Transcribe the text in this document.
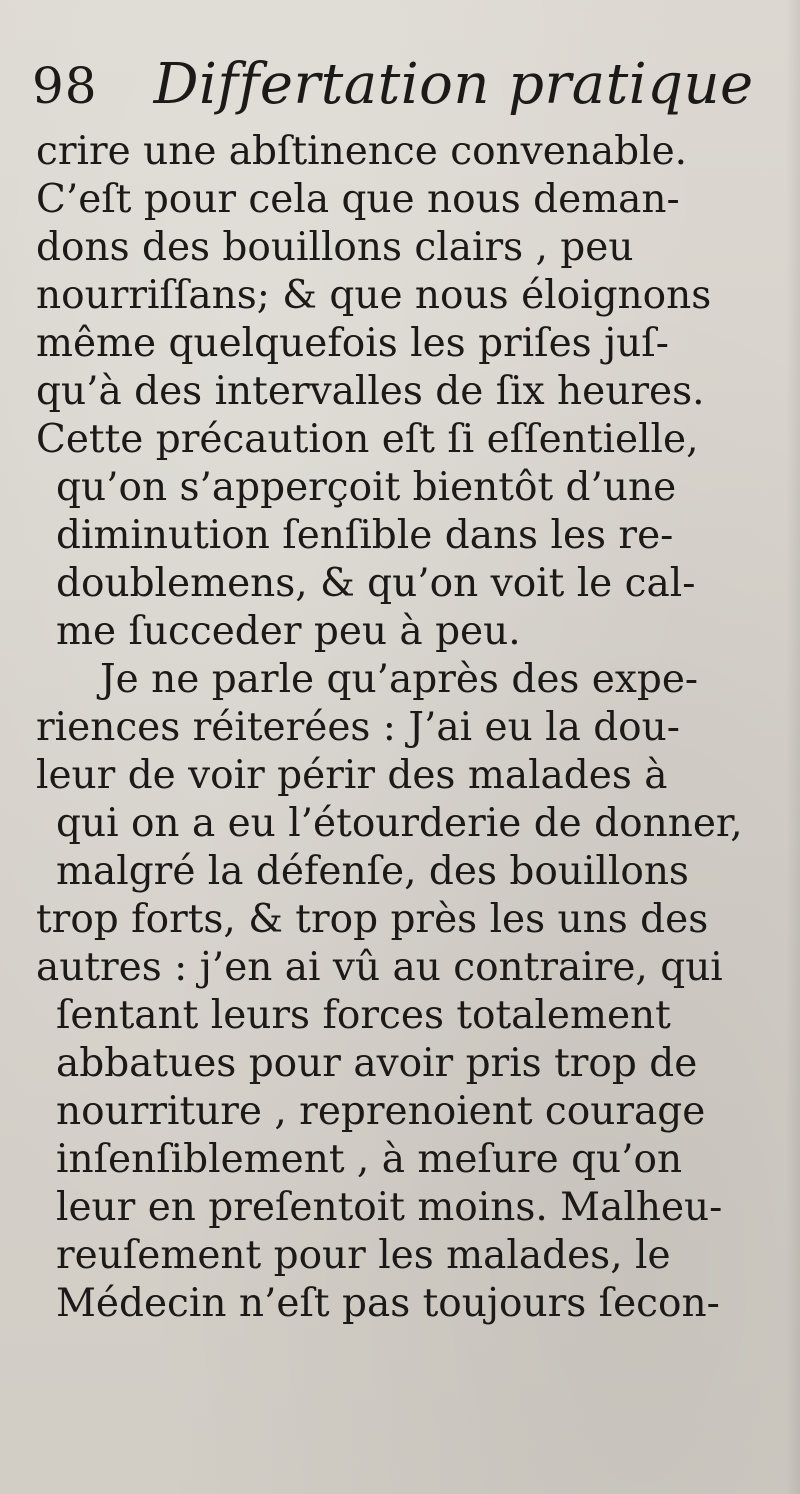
98 Differtation pratique
crire une abſtinence convenable.
C’eſt pour cela que nous deman-
dons des bouillons clairs , peu
nourriſſans; & que nous éloignons
même quelquefois les priſes juſ-
qu’à des intervalles de ſix heures.
Cette précaution eſt ſi eſſentielle,
qu’on s’apperçoit bientôt d’une
diminution ſenſible dans les re-
doublemens, & qu’on voit le cal-
me ſucceder peu à peu.
Je ne parle qu’après des expe-
riences réiterées : J’ai eu la dou-
leur de voir périr des malades à
qui on a eu l’étourderie de donner,
malgré la défenſe, des bouillons
trop forts, & trop près les uns des
autres : j’en ai vû au contraire, qui
ſentant leurs forces totalement
abbatues pour avoir pris trop de
nourriture , reprenoient courage
inſenſiblement , à meſure qu’on
leur en preſentoit moins. Malheu-
reuſement pour les malades, le
Médecin n’eſt pas toujours ſecon-
